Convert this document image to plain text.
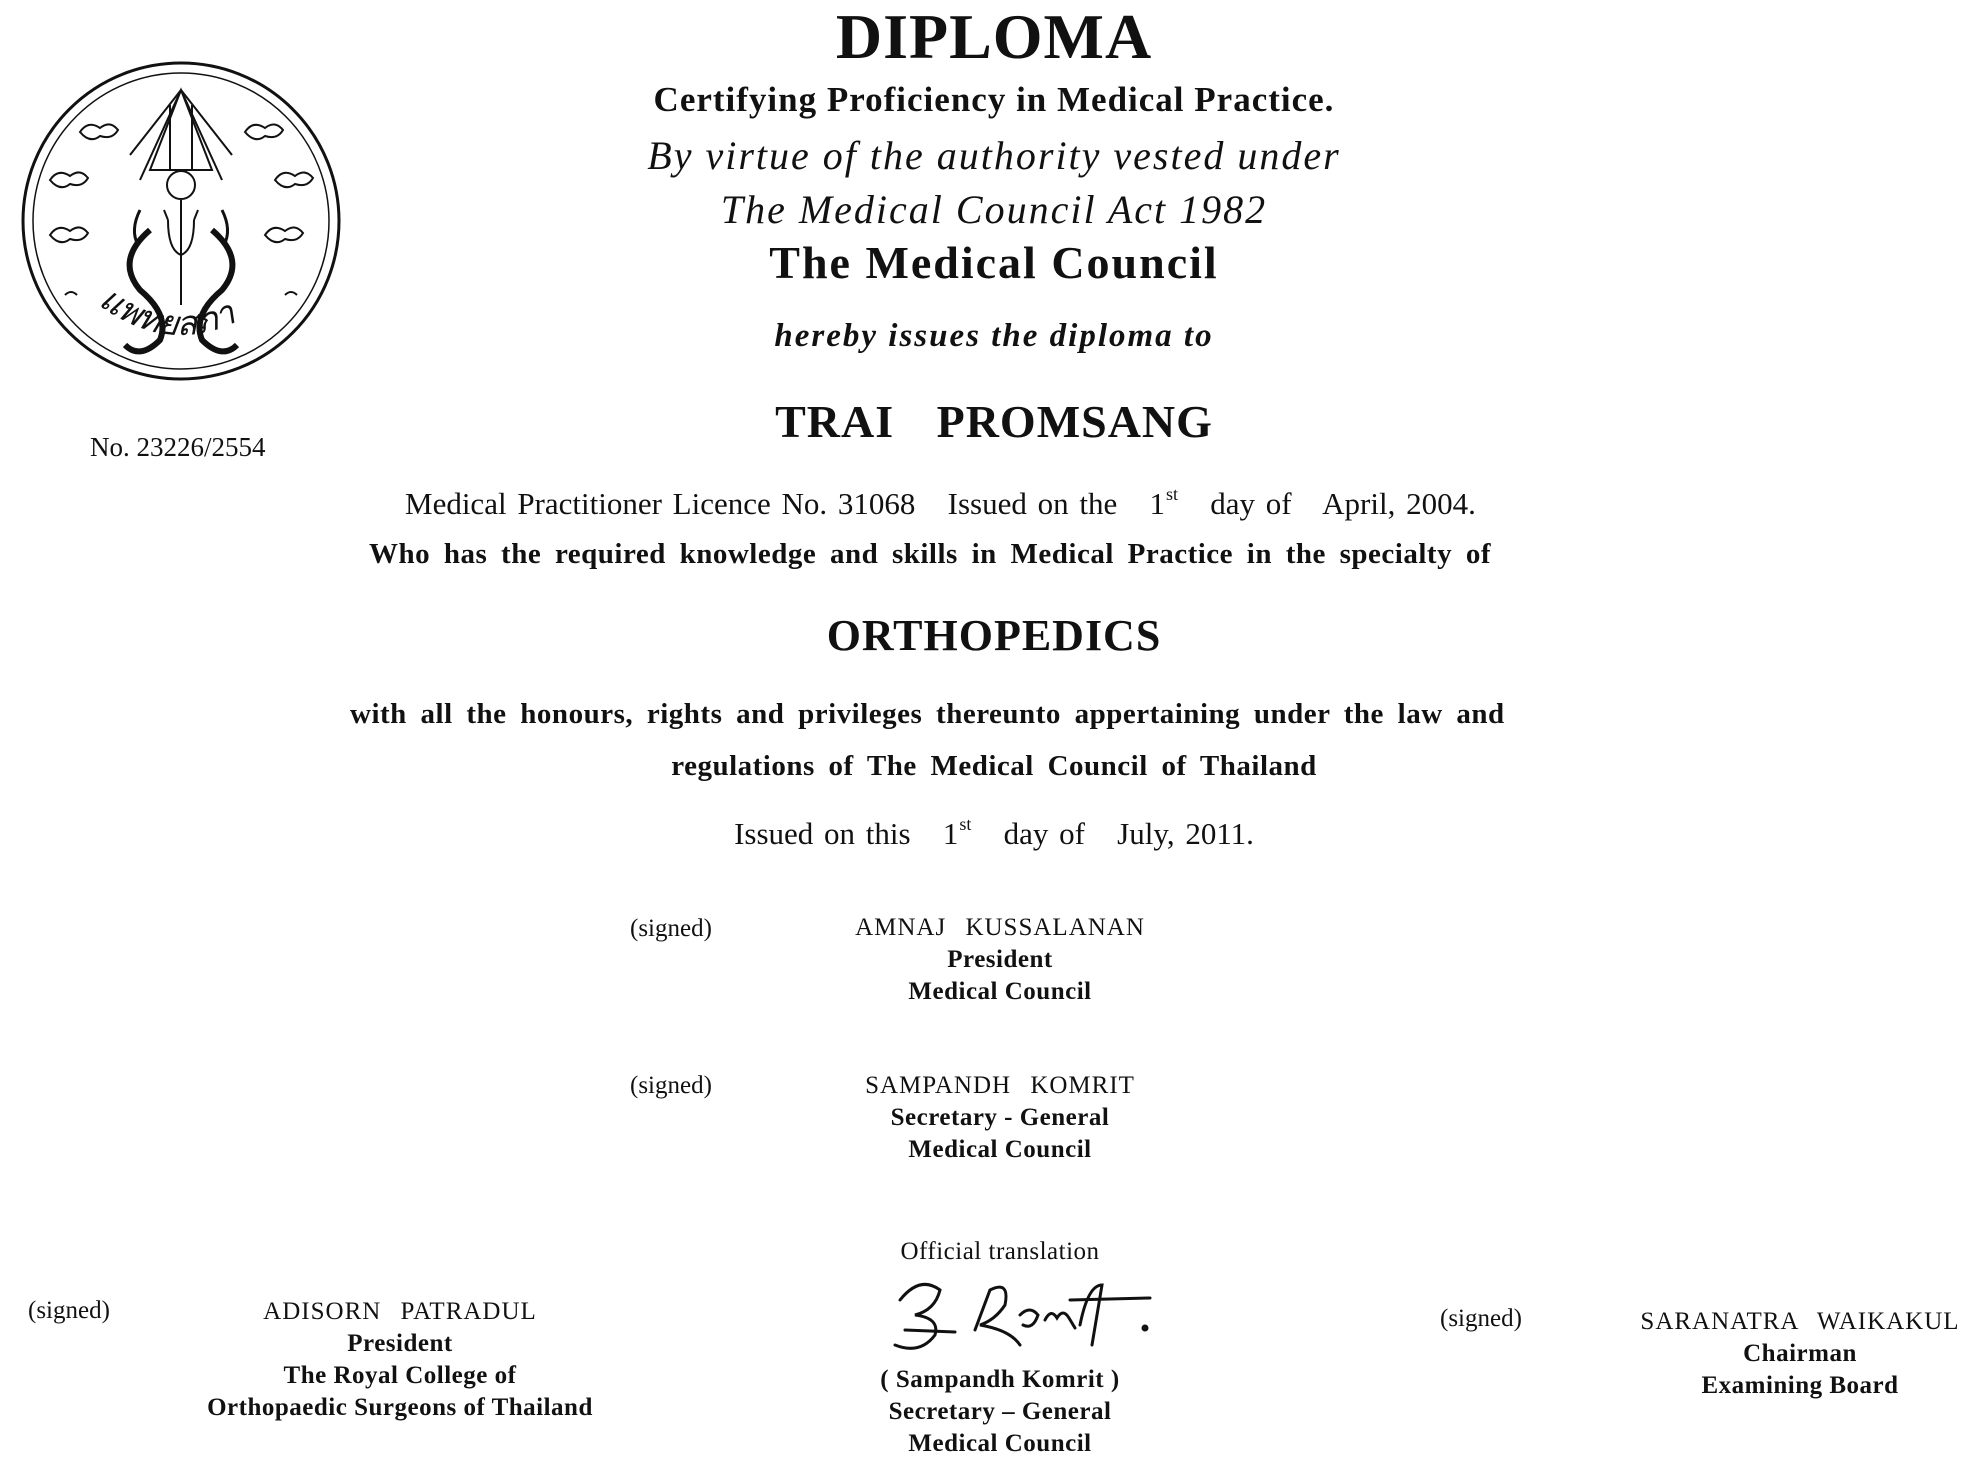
แพทยสภา
No. 23226/2554
DIPLOMA
Certifying Proficiency in Medical Practice.
By virtue of the authority vested under
The Medical Council Act 1982
The Medical Council
hereby issues the diploma to
TRAI PROMSANG
Medical Practitioner Licence No. 31068   Issued on the   1st   day of   April, 2004.
Who has the required knowledge and skills in Medical Practice in the specialty of
ORTHOPEDICS
with all the honours, rights and privileges thereunto appertaining under the law and
regulations of The Medical Council of Thailand
Issued on this   1st   day of   July, 2011.
(signed)	AMNAJ KUSSALANAN
President
Medical Council
(signed)	SAMPANDH KOMRIT
Secretary - General
Medical Council
(signed)	ADISORN PATRADUL
President
The Royal College of
Orthopaedic Surgeons of Thailand
Official translation
( Sampandh Komrit )
Secretary – General
Medical Council
(signed)	SARANATRA WAIKAKUL
Chairman
Examining Board
